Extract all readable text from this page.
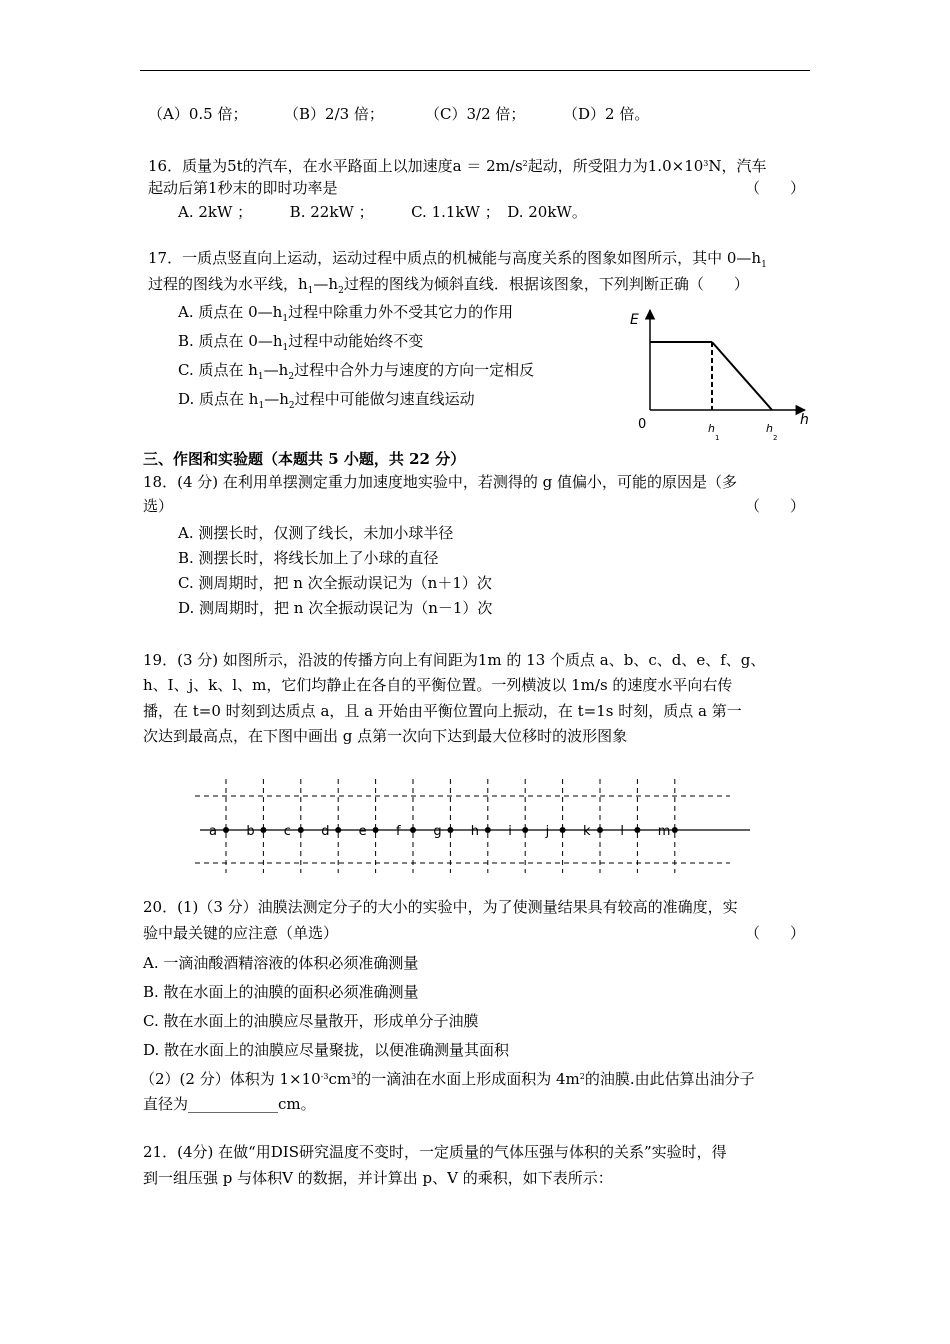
（A）0.5 倍； （B）2/3 倍；	（C）3/2 倍；	（D）2 倍。
16．质量为5t的汽车，在水平路面上以加速度$a = 2m/s^2$起动，所受阻力为$1.0\times 10^3N$，汽车
起动后第1秒末的即时功率是	（　　）
A. 2kW ；　　　B. 22kW ；　　　C. 1.1kW ；　D. 20kW。
17．一质点竖直向上运动，运动过程中质点的机械能与高度关系的图象如图所示，其中 $0—h_1$
过程的图线为水平线，$h_1—h_2$过程的图线为倾斜直线．根据该图象，下列判断正确（　　）
A. 质点在 $0—h_1$过程中除重力外不受其它力的作用
B. 质点在 $0—h_1$过程中动能始终不变
C. 质点在 $h_1—h_2$过程中合外力与速度的方向一定相反
D. 质点在 $h_1—h_2$过程中可能做匀速直线运动
E
0	h
h
1
h
2
三、作图和实验题（本题共 5 小题，共 22 分）
18．(4 分) 在利用单摆测定重力加速度地实验中，若测得的 g 值偏小，可能的原因是（多
选）	（　　）
A. 测摆长时，仅测了线长，未加小球半径
B. 测摆长时，将线长加上了小球的直径
C. 测周期时，把 n 次全振动误记为（n＋1）次
D. 测周期时，把 n 次全振动误记为（n－1）次
19．(3 分) 如图所示，沿波的传播方向上有间距为1m 的 13 个质点 a、b、c、d、e、f、g、
h、I、j、k、l、m，它们均静止在各自的平衡位置。一列横波以 1m/s 的速度水平向右传
播，在 t=0 时刻到达质点 a，且 a 开始由平衡位置向上振动，在 t=1s 时刻，质点 a 第一
次达到最高点，在下图中画出 g 点第一次向下达到最大位移时的波形图象
a b c d e f	g h i	j	k l	m
20．(1)（3 分）油膜法测定分子的大小的实验中，为了使测量结果具有较高的准确度，实
验中最关键的应注意（单选）	（　　）
A. 一滴油酸酒精溶液的体积必须准确测量
B. 散在水面上的油膜的面积必须准确测量
C. 散在水面上的油膜应尽量散开，形成单分子油膜
D. 散在水面上的油膜应尽量聚拢，以便准确测量其面积
（2）(2 分）体积为 $1\times 10^{-3}cm^3$的一滴油在水面上形成面积为 $4m^2$的油膜.由此估算出油分子
直径为____________cm。
21．(4分) 在做“用DIS研究温度不变时，一定质量的气体压强与体积的关系”实验时，得
到一组压强 p 与体积V 的数据，并计算出 p、V 的乘积，如下表所示：
